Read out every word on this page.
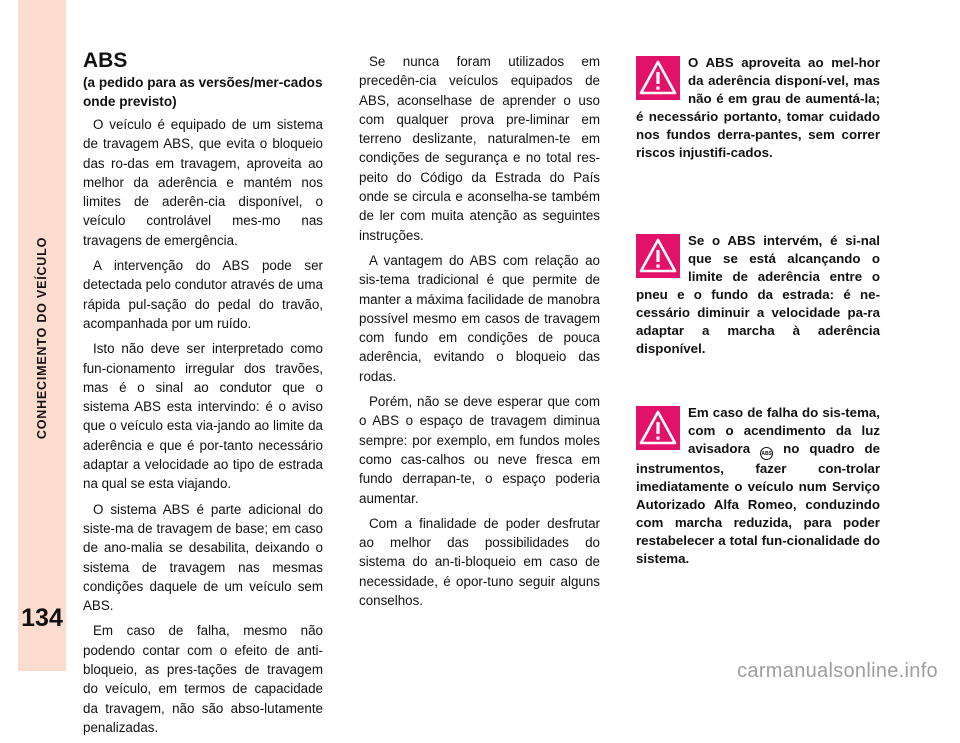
CONHECIMENTO DO VEÍCULO
134
ABS
(a pedido para as versões/mer-cados onde previsto)

O veículo é equipado de um sistema de travagem ABS, que evita o bloqueio das ro-das em travagem, aproveita ao melhor da aderência e mantém nos limites de aderên-cia disponível, o veículo controlável mes-mo nas travagens de emergência.

A intervenção do ABS pode ser detectada pelo condutor através de uma rápida pul-sação do pedal do travão, acompanhada por um ruído.

Isto não deve ser interpretado como fun-cionamento irregular dos travões, mas é o sinal ao condutor que o sistema ABS esta intervindo: é o aviso que o veículo esta via-jando ao limite da aderência e que é por-tanto necessário adaptar a velocidade ao tipo de estrada na qual se esta viajando.

O sistema ABS é parte adicional do siste-ma de travagem de base; em caso de ano-malia se desabilita, deixando o sistema de travagem nas mesmas condições daquele de um veículo sem ABS.

Em caso de falha, mesmo não podendo contar com o efeito de anti-bloqueio, as pres-tações de travagem do veículo, em termos de capacidade da travagem, não são abso-lutamente penalizadas.

Se nunca foram utilizados em precedên-cia veículos equipados de ABS, aconselhase de aprender o uso com qualquer prova pre-liminar em terreno deslizante, naturalmen-te em condições de segurança e no total res-peito do Código da Estrada do País onde se circula e aconselha-se também de ler com muita atenção as seguintes instruções.

A vantagem do ABS com relação ao sis-tema tradicional é que permite de manter a máxima facilidade de manobra possível mesmo em casos de travagem com fundo em condições de pouca aderência, evitando o bloqueio das rodas.

Porém, não se deve esperar que com o ABS o espaço de travagem diminua sempre: por exemplo, em fundos moles como cas-calhos ou neve fresca em fundo derrapan-te, o espaço poderia aumentar.

Com a finalidade de poder desfrutar ao melhor das possibilidades do sistema do an-ti-bloqueio em caso de necessidade, é opor-tuno seguir alguns conselhos.

O ABS aproveita ao mel-hor da aderência disponí-vel, mas não é em grau de aumentá-la; é necessário portanto, tomar cuidado nos fundos derra-pantes, sem correr riscos injustifi-cados.
Se o ABS intervém, é si-nal que se está alcançando o limite de aderência entre o pneu e o fundo da estrada: é ne-cessário diminuir a velocidade pa-ra adaptar a marcha à aderência disponível.
Em caso de falha do sis-tema, com o acendimento da luz avisadora ABS no quadro de instrumentos, fazer con-trolar imediatamente o veículo num Serviço Autorizado Alfa Romeo, conduzindo com marcha reduzida, para poder restabelecer a total fun-cionalidade do sistema.
carmanualsonline.info
